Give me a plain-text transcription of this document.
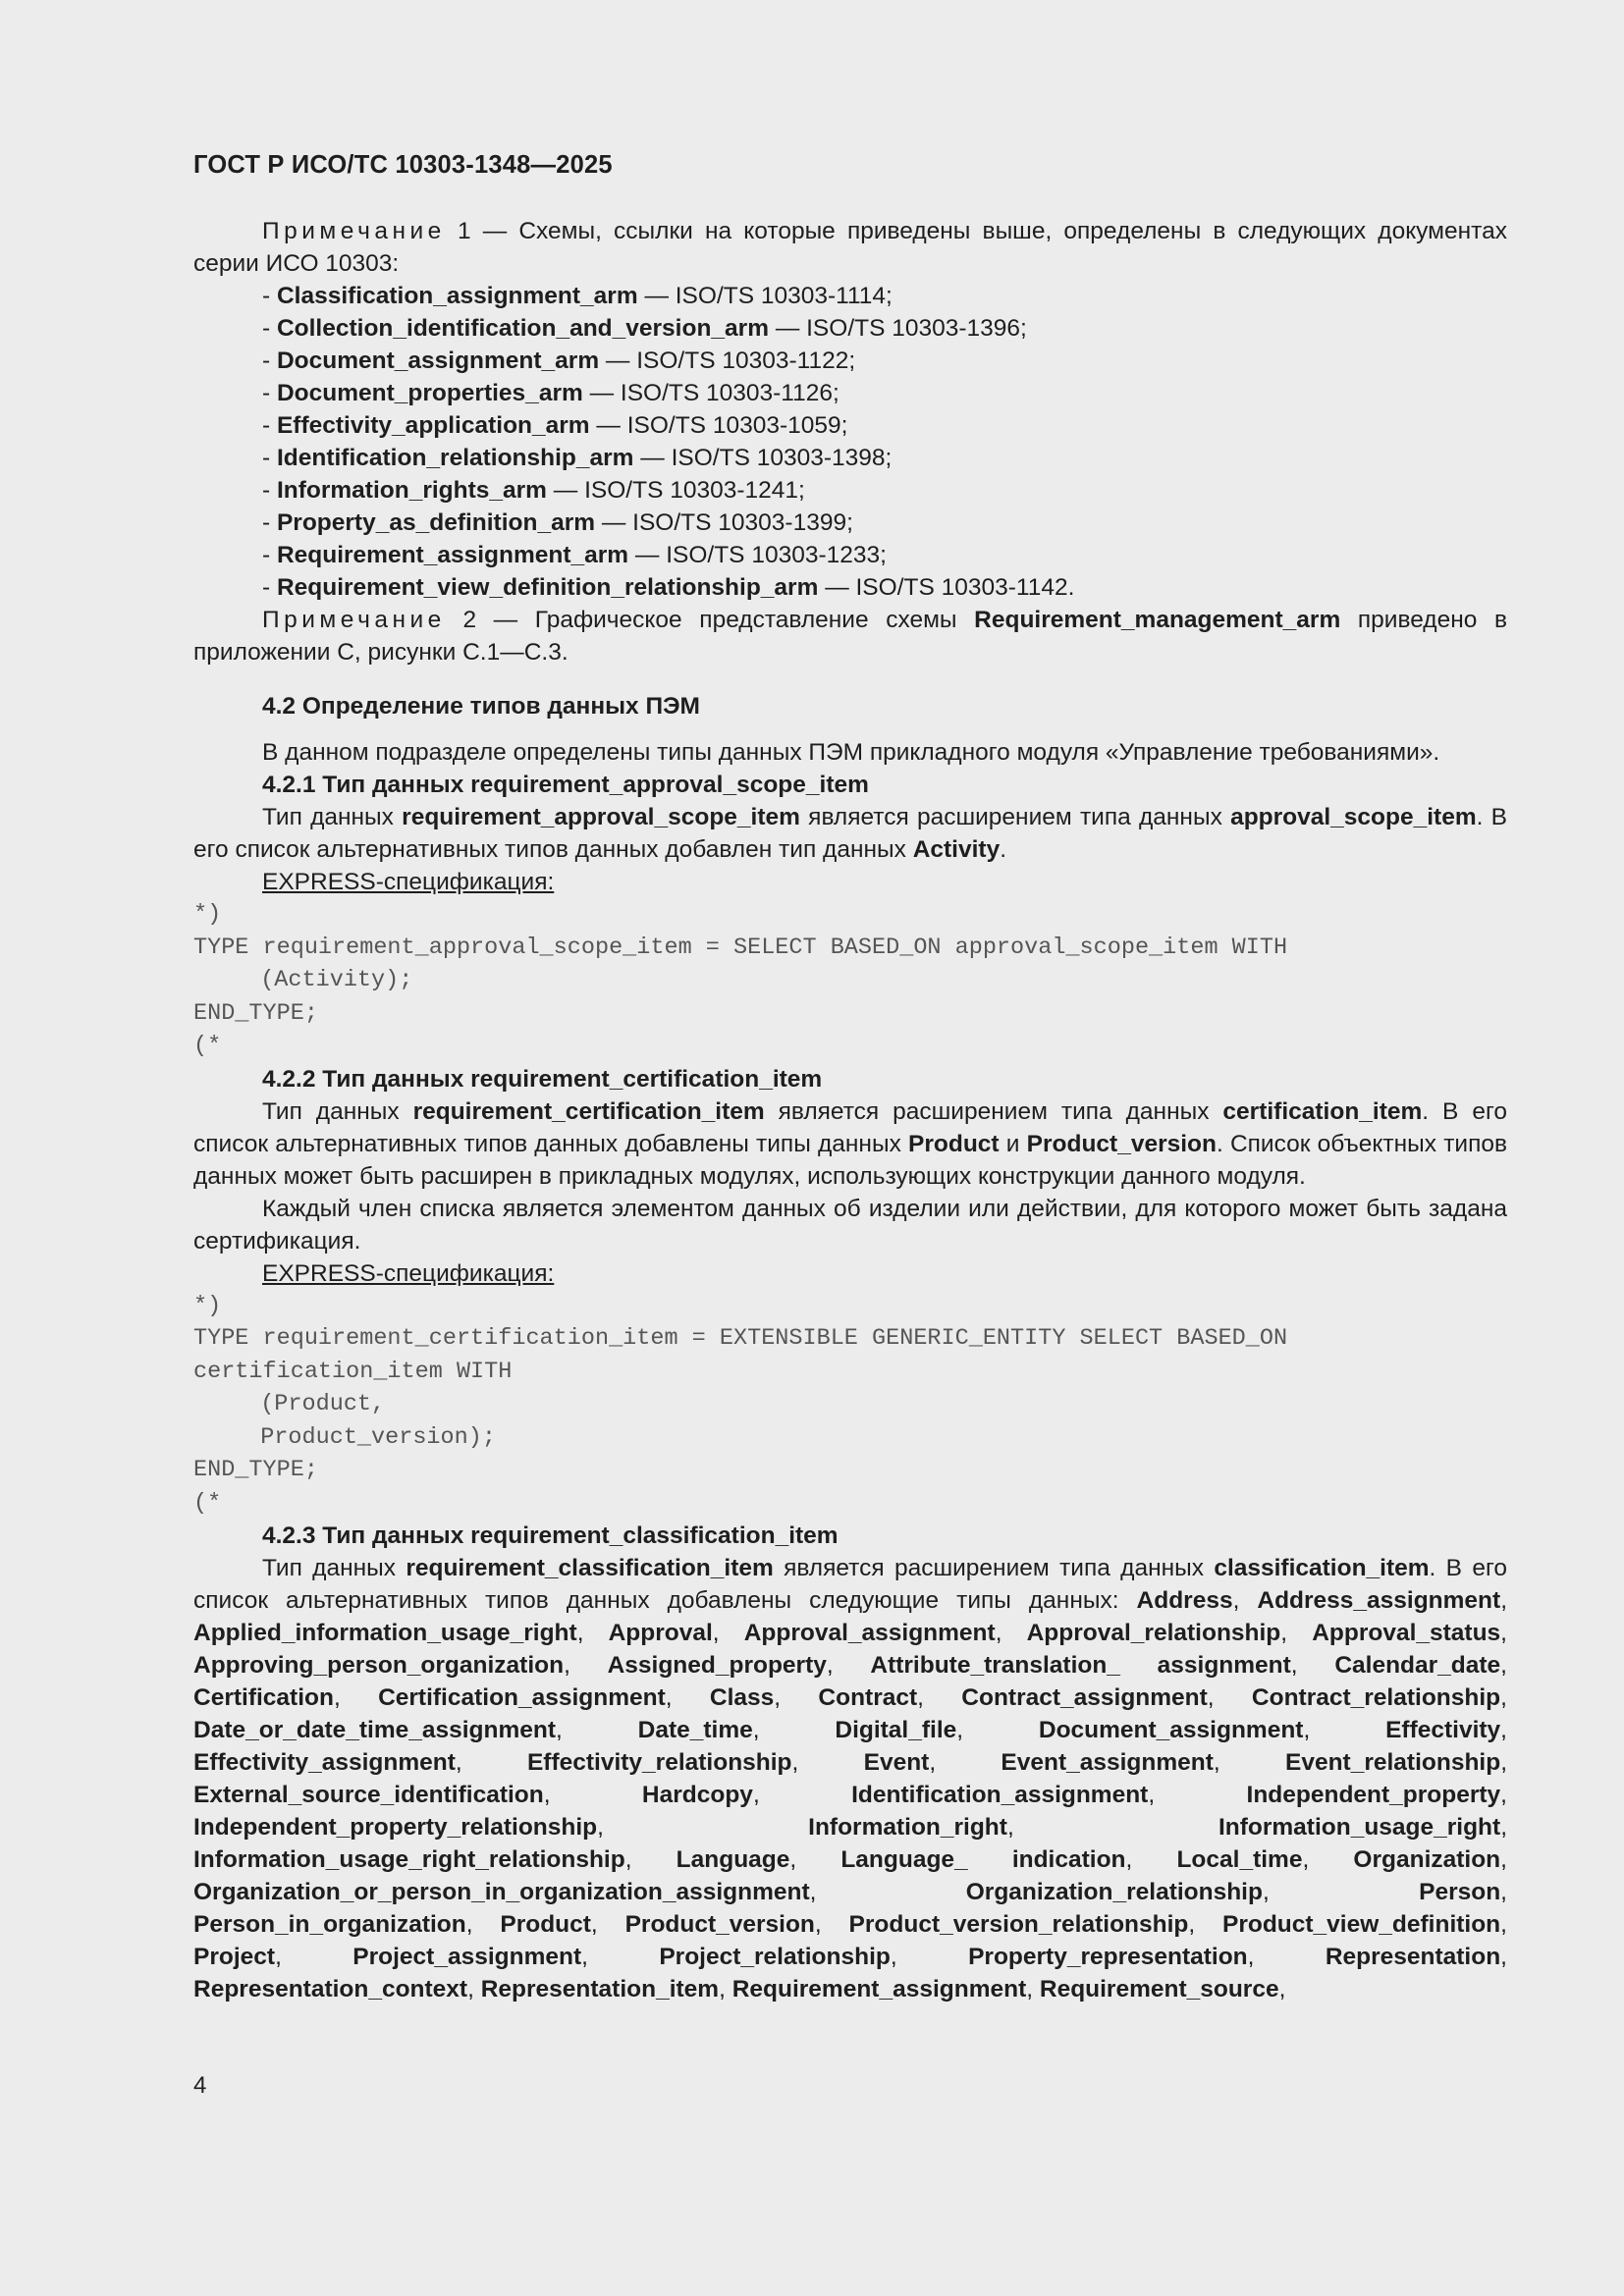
ГОСТ Р ИСО/ТС 10303-1348—2025
Примечание 1 — Схемы, ссылки на которые приведены выше, определены в следующих документах серии ИСО 10303:
- Classification_assignment_arm — ISO/TS 10303-1114;
- Collection_identification_and_version_arm — ISO/TS 10303-1396;
- Document_assignment_arm — ISO/TS 10303-1122;
- Document_properties_arm — ISO/TS 10303-1126;
- Effectivity_application_arm — ISO/TS 10303-1059;
- Identification_relationship_arm — ISO/TS 10303-1398;
- Information_rights_arm — ISO/TS 10303-1241;
- Property_as_definition_arm — ISO/TS 10303-1399;
- Requirement_assignment_arm — ISO/TS 10303-1233;
- Requirement_view_definition_relationship_arm — ISO/TS 10303-1142.
Примечание 2 — Графическое представление схемы Requirement_management_arm приведено в приложении С, рисунки С.1—С.3.
4.2 Определение типов данных ПЭМ
В данном подразделе определены типы данных ПЭМ прикладного модуля «Управление требованиями».
4.2.1 Тип данных requirement_approval_scope_item
Тип данных requirement_approval_scope_item является расширением типа данных approval_scope_item. В его список альтернативных типов данных добавлен тип данных Activity.
EXPRESS-спецификация:
*)
TYPE requirement_approval_scope_item = SELECT BASED_ON approval_scope_item WITH
(Activity);
END_TYPE;
(*
4.2.2 Тип данных requirement_certification_item
Тип данных requirement_certification_item является расширением типа данных certification_item. В его список альтернативных типов данных добавлены типы данных Product и Product_version. Список объектных типов данных может быть расширен в прикладных модулях, использующих конструкции данного модуля.
Каждый член списка является элементом данных об изделии или действии, для которого может быть задана сертификация.
EXPRESS-спецификация:
*)
TYPE requirement_certification_item = EXTENSIBLE GENERIC_ENTITY SELECT BASED_ON
certification_item WITH
(Product,
Product_version);
END_TYPE;
(*
4.2.3 Тип данных requirement_classification_item
Тип данных requirement_classification_item является расширением типа данных classification_item. В его список альтернативных типов данных добавлены следующие типы данных: Address, Address_assignment, Applied_information_usage_right, Approval, Approval_assignment, Approval_relationship, Approval_status, Approving_person_organization, Assigned_property, Attribute_translation_ assignment, Calendar_date, Certification, Certification_assignment, Class, Contract, Contract_assignment, Contract_relationship, Date_or_date_time_assignment, Date_time, Digital_file, Document_assignment, Effectivity, Effectivity_assignment, Effectivity_relationship, Event, Event_assignment, Event_relationship, External_source_identification, Hardcopy, Identification_assignment, Independent_property, Independent_property_relationship, Information_right, Information_usage_right, Information_usage_right_relationship, Language, Language_ indication, Local_time, Organization, Organization_or_person_in_organization_assignment, Organization_relationship, Person, Person_in_organization, Product, Product_version, Product_version_relationship, Product_view_definition, Project, Project_assignment, Project_relationship, Property_representation, Representation, Representation_context, Representation_item, Requirement_assignment, Requirement_source,
4
